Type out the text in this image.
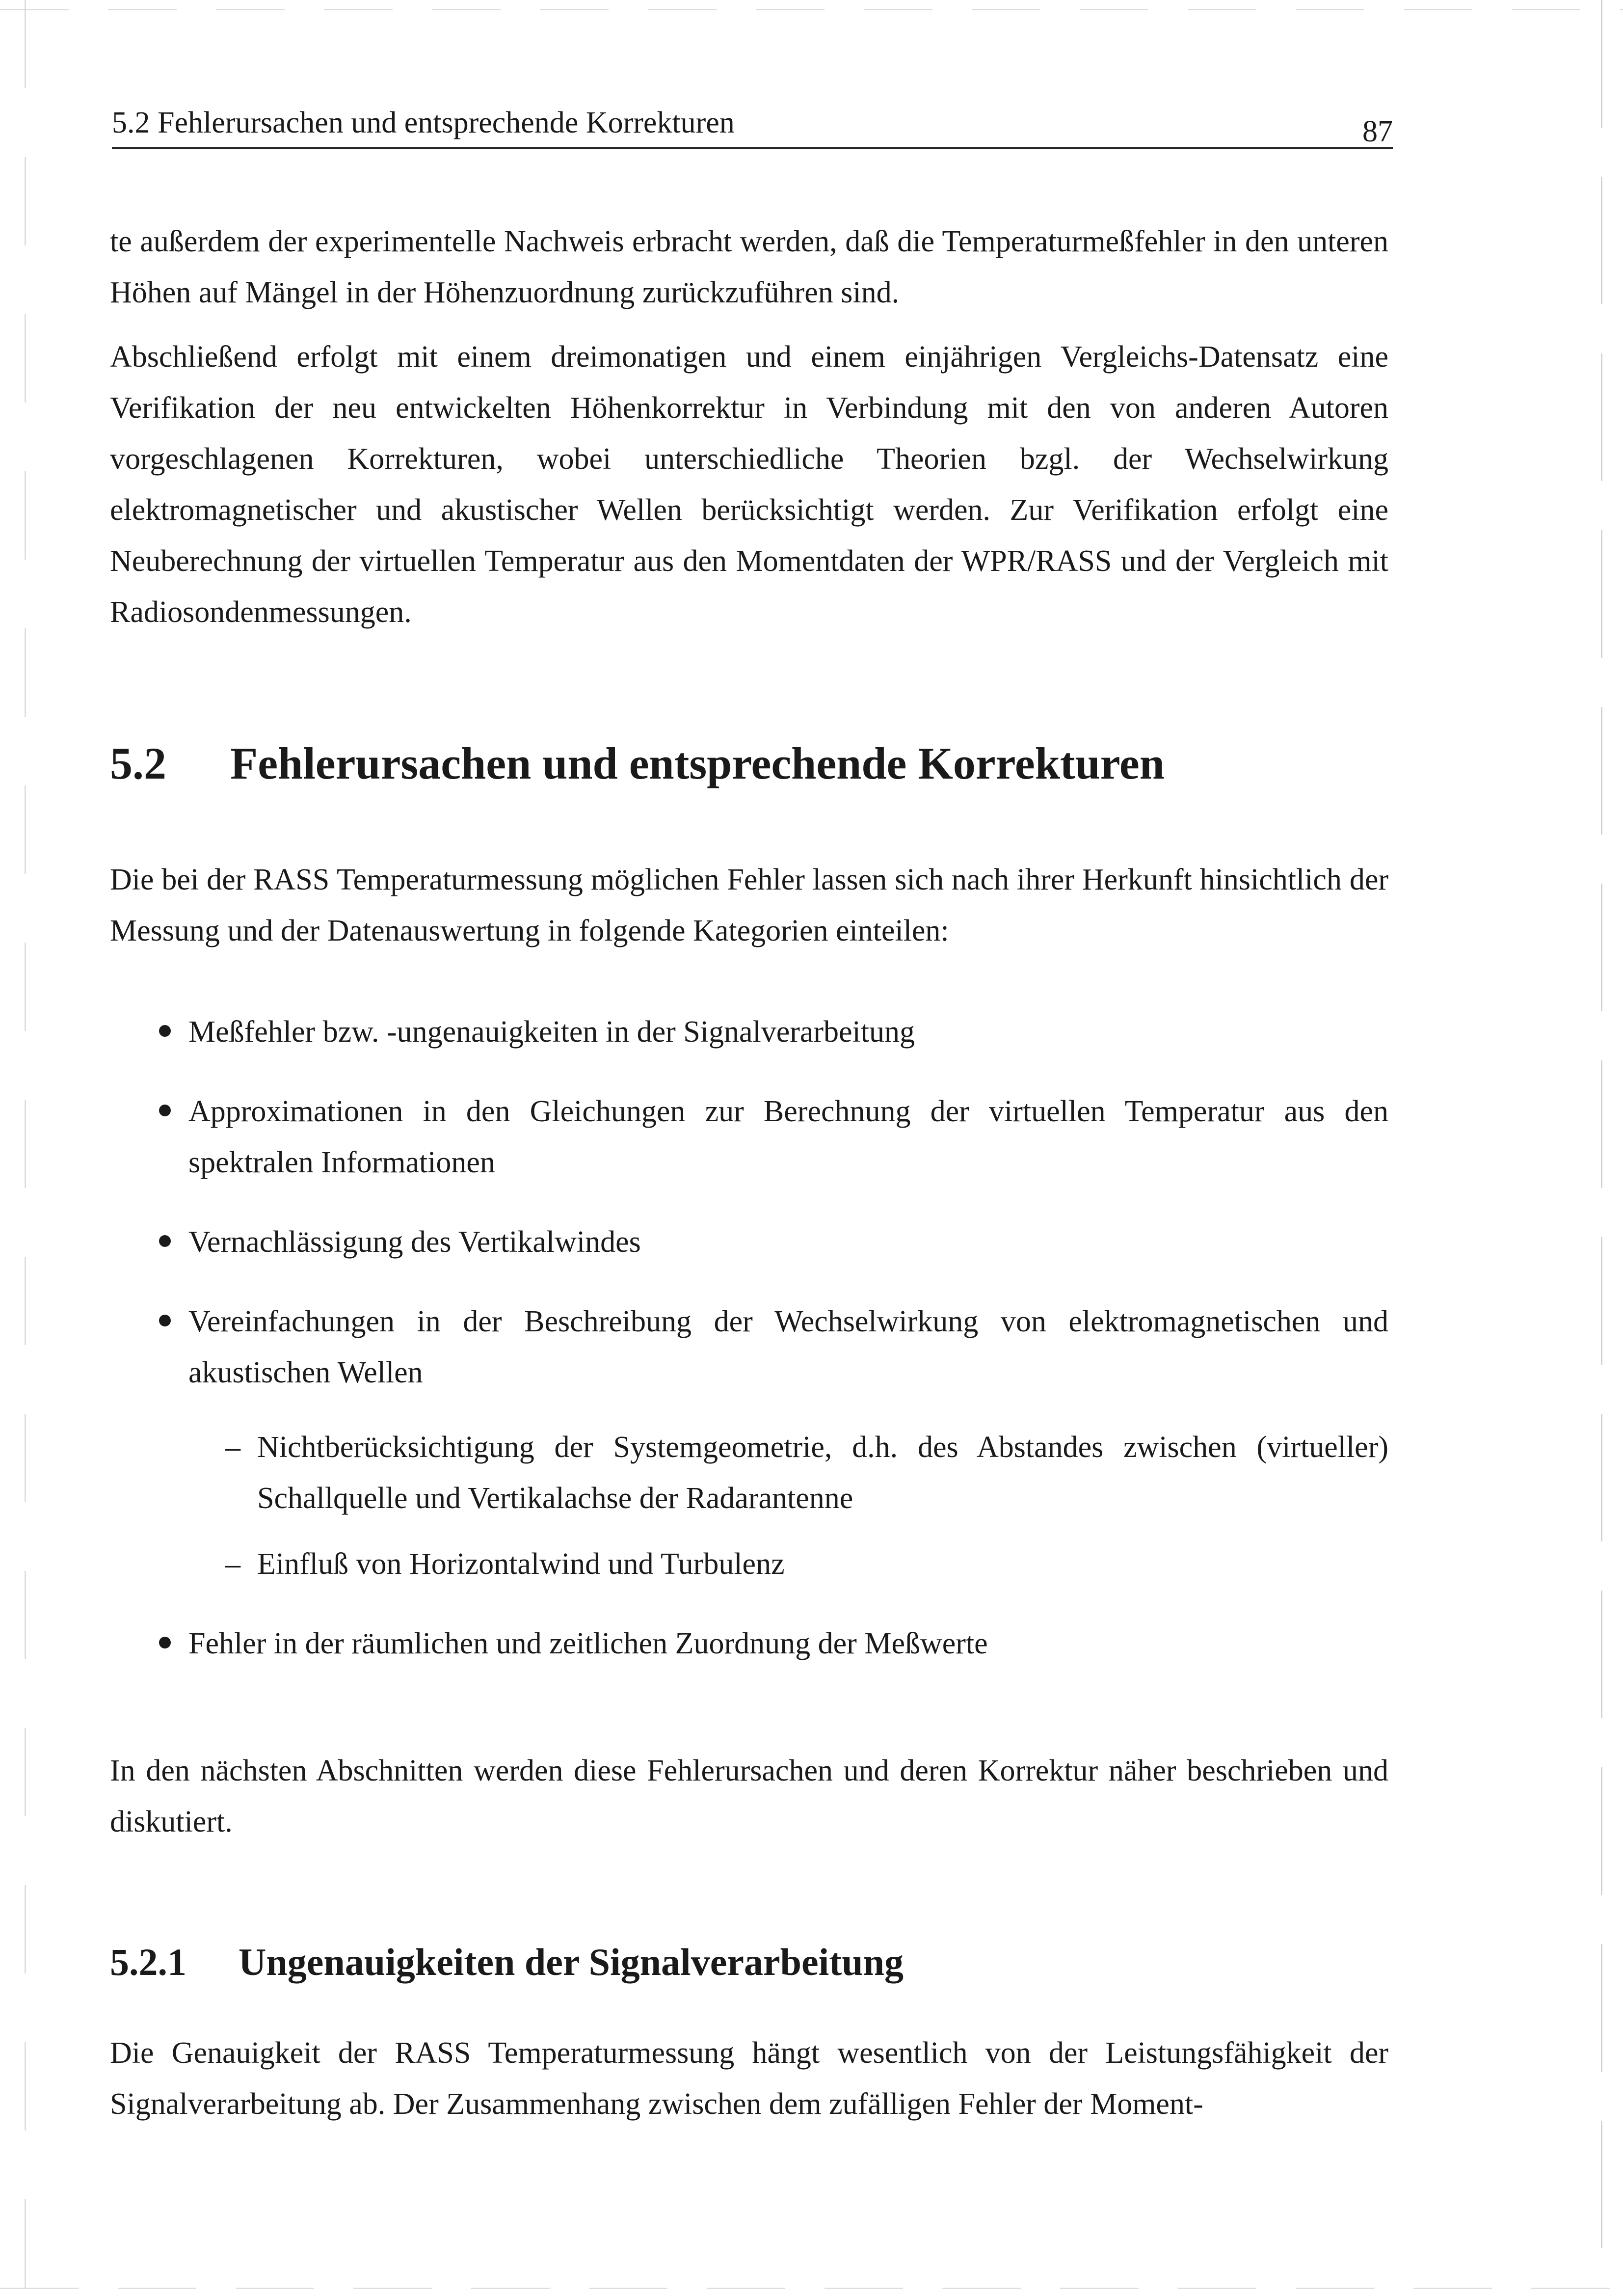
5.2 Fehlerursachen und entsprechende Korrekturen	87

te außerdem der experimentelle Nachweis erbracht werden, daß die Temperaturmeßfehler in den unteren Höhen auf Mängel in der Höhenzuordnung zurückzuführen sind.

Abschließend erfolgt mit einem dreimonatigen und einem einjährigen Vergleichs-Datensatz eine Verifikation der neu entwickelten Höhenkorrektur in Verbindung mit den von anderen Autoren vorgeschlagenen Korrekturen, wobei unterschiedliche Theorien bzgl. der Wechselwirkung elektromagnetischer und akustischer Wellen berücksichtigt werden. Zur Verifikation erfolgt eine Neuberechnung der virtuellen Temperatur aus den Momentdaten der WPR/RASS und der Vergleich mit Radiosondenmessungen.

5.2 Fehlerursachen und entsprechende Korrekturen

Die bei der RASS Temperaturmessung möglichen Fehler lassen sich nach ihrer Herkunft hinsichtlich der Messung und der Datenauswertung in folgende Kategorien einteilen:

Meßfehler bzw. -ungenauigkeiten in der Signalverarbeitung
Approximationen in den Gleichungen zur Berechnung der virtuellen Temperatur aus den spektralen Informationen
Vernachlässigung des Vertikalwindes
Vereinfachungen in der Beschreibung der Wechselwirkung von elektromagnetischen und akustischen Wellen
– Nichtberücksichtigung der Systemgeometrie, d.h. des Abstandes zwischen (virtueller) Schallquelle und Vertikalachse der Radarantenne
– Einfluß von Horizontalwind und Turbulenz
Fehler in der räumlichen und zeitlichen Zuordnung der Meßwerte

In den nächsten Abschnitten werden diese Fehlerursachen und deren Korrektur näher beschrieben und diskutiert.

5.2.1 Ungenauigkeiten der Signalverarbeitung

Die Genauigkeit der RASS Temperaturmessung hängt wesentlich von der Leistungsfähigkeit der Signalverarbeitung ab. Der Zusammenhang zwischen dem zufälligen Fehler der Moment-
